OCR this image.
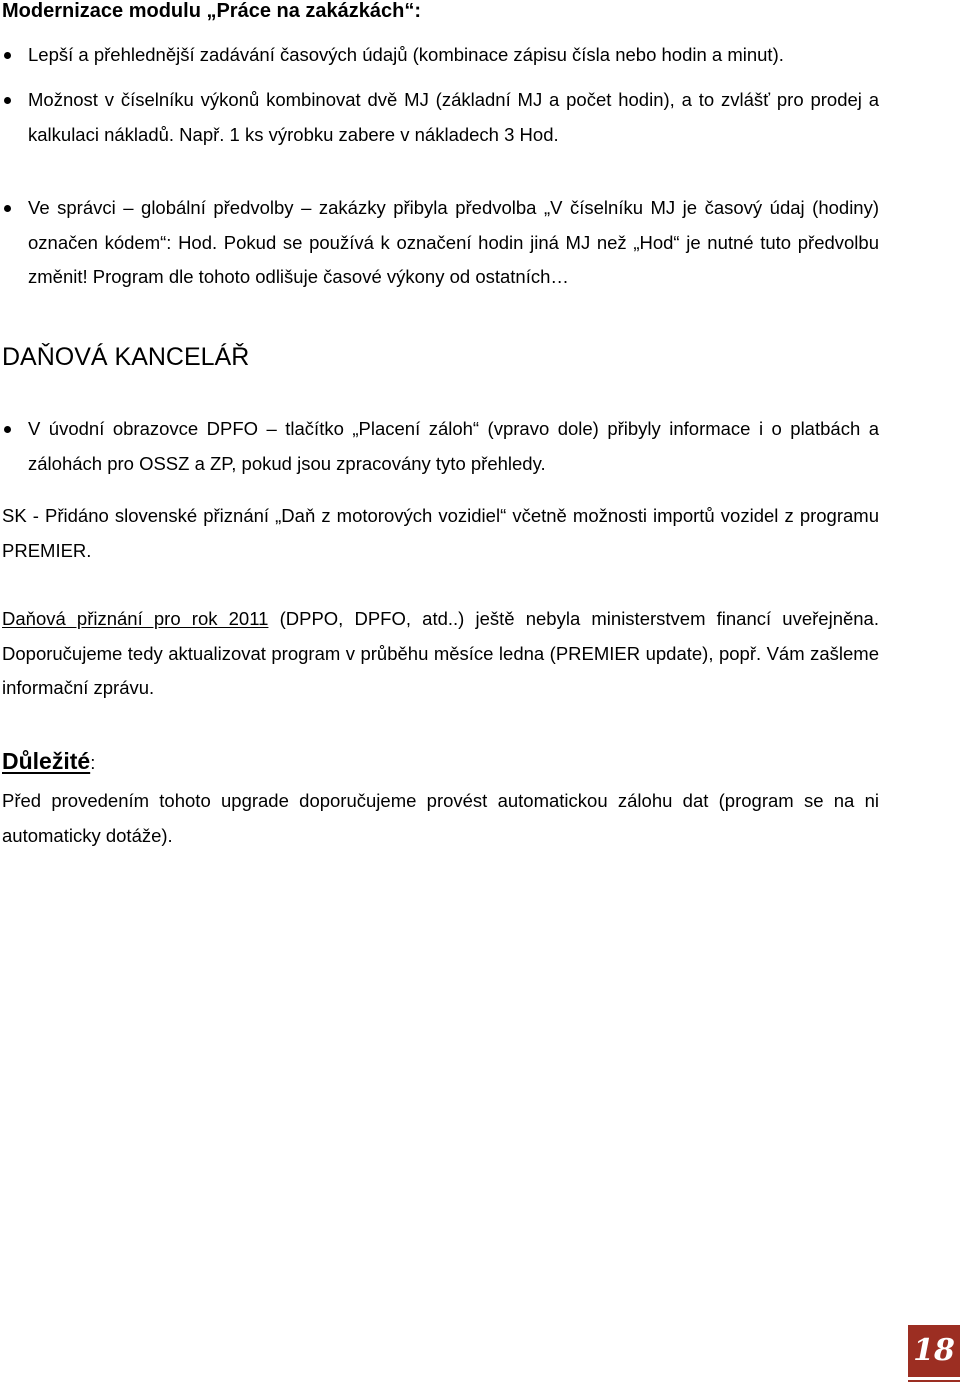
Modernizace modulu „Práce na zakázkách“:
Lepší a přehlednější zadávání časových údajů (kombinace zápisu čísla nebo hodin a minut).
Možnost v číselníku výkonů kombinovat dvě MJ (základní MJ a počet hodin), a to zvlášť pro prodej a kalkulaci nákladů. Např. 1 ks výrobku zabere v nákladech 3 Hod.
Ve správci – globální předvolby – zakázky přibyla předvolba „V číselníku MJ je časový údaj (hodiny) označen kódem“: Hod. Pokud se používá k označení hodin jiná MJ než „Hod“ je nutné tuto předvolbu změnit! Program dle tohoto odlišuje časové výkony od ostatních…
DAŇOVÁ KANCELÁŘ
V úvodní obrazovce DPFO – tlačítko „Placení záloh“ (vpravo dole) přibyly informace i o platbách a zálohách pro OSSZ a ZP, pokud jsou zpracovány tyto přehledy.
SK - Přidáno slovenské přiznání „Daň z motorových vozidiel“ včetně možnosti importů vozidel z programu PREMIER.
Daňová přiznání pro rok 2011 (DPPO, DPFO, atd..) ještě nebyla ministerstvem financí uveřejněna. Doporučujeme tedy aktualizovat program v průběhu měsíce ledna (PREMIER update), popř. Vám zašleme informační zprávu.
Důležité:
Před provedením tohoto upgrade doporučujeme provést automatickou zálohu dat (program se na ni automaticky dotáže).
18
